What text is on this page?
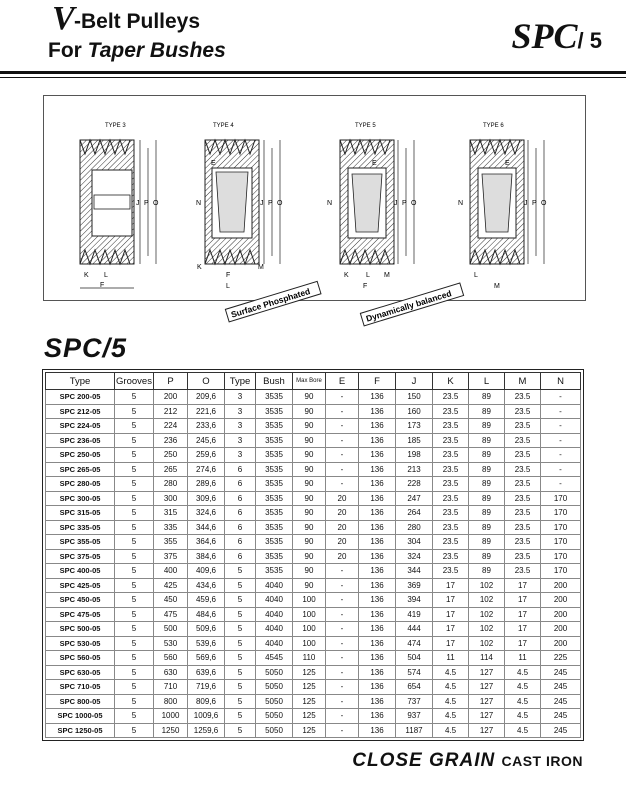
V -Belt Pulleys
For Taper Bushes	SPC/ 5
TYPE 3
J P O
F
K L
TYPE 4
N
E
J P O
K
F
L
M
TYPE 5
N
E
J P O
K L
F
M
TYPE 6
N
E
J P O
L
M
Surface Phosphated	Dynamically balanced
SPC/5
Type	Grooves	P	O	Type	Bush	Max Bore	E	F	J	K	L	M	N
SPC 200-05	5	200	209,6	3	3535	90	-	136	150	23.5	89	23.5	-
SPC 212-05	5	212	221,6	3	3535	90	-	136	160	23.5	89	23.5	-
SPC 224-05	5	224	233,6	3	3535	90	-	136	173	23.5	89	23.5	-
SPC 236-05	5	236	245,6	3	3535	90	-	136	185	23.5	89	23.5	-
SPC 250-05	5	250	259,6	3	3535	90	-	136	198	23.5	89	23.5	-
SPC 265-05	5	265	274,6	6	3535	90	-	136	213	23.5	89	23.5	-
SPC 280-05	5	280	289,6	6	3535	90	-	136	228	23.5	89	23.5	-
SPC 300-05	5	300	309,6	6	3535	90	20	136	247	23.5	89	23.5	170
SPC 315-05	5	315	324,6	6	3535	90	20	136	264	23.5	89	23.5	170
SPC 335-05	5	335	344,6	6	3535	90	20	136	280	23.5	89	23.5	170
SPC 355-05	5	355	364,6	6	3535	90	20	136	304	23.5	89	23.5	170
SPC 375-05	5	375	384,6	6	3535	90	20	136	324	23.5	89	23.5	170
SPC 400-05	5	400	409,6	5	3535	90	-	136	344	23.5	89	23.5	170
SPC 425-05	5	425	434,6	5	4040	90	-	136	369	17	102	17	200
SPC 450-05	5	450	459,6	5	4040	100	-	136	394	17	102	17	200
SPC 475-05	5	475	484,6	5	4040	100	-	136	419	17	102	17	200
SPC 500-05	5	500	509,6	5	4040	100	-	136	444	17	102	17	200
SPC 530-05	5	530	539,6	5	4040	100	-	136	474	17	102	17	200
SPC 560-05	5	560	569,6	5	4545	110	-	136	504	11	114	11	225
SPC 630-05	5	630	639,6	5	5050	125	-	136	574	4.5	127	4.5	245
SPC 710-05	5	710	719,6	5	5050	125	-	136	654	4.5	127	4.5	245
SPC 800-05	5	800	809,6	5	5050	125	-	136	737	4.5	127	4.5	245
SPC 1000-05	5	1000	1009,6	5	5050	125	-	136	937	4.5	127	4.5	245
SPC 1250-05	5	1250	1259,6	5	5050	125	-	136	1187	4.5	127	4.5	245
CLOSE GRAIN CAST IRON
